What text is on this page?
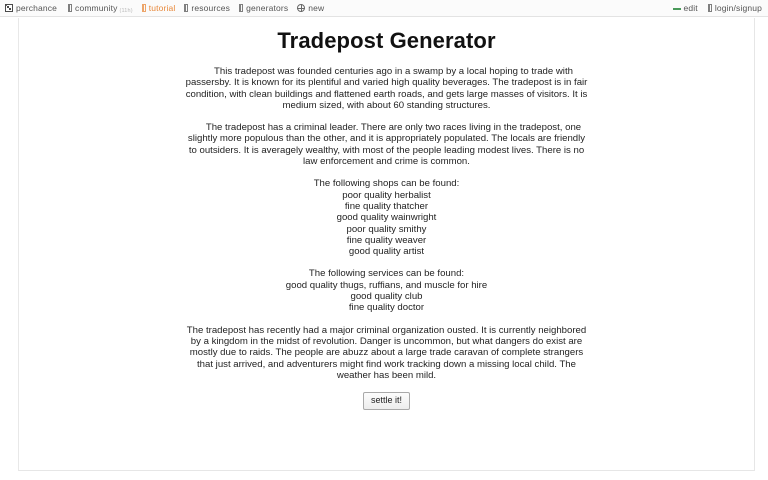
perchance community (11h) tutorial resources generators new	edit login/signup
Tradepost Generator

This tradepost was founded centuries ago in a swamp by a local hoping to trade with passersby. It is known for its plentiful and varied high quality beverages. The tradepost is in fair condition, with clean buildings and flattened earth roads, and gets large masses of visitors. It is medium sized, with about 60 standing structures.

The tradepost has a criminal leader. There are only two races living in the tradepost, one slightly more populous than the other, and it is appropriately populated. The locals are friendly to outsiders. It is averagely wealthy, with most of the people leading modest lives. There is no law enforcement and crime is common.

The following shops can be found:
poor quality herbalist
fine quality thatcher
good quality wainwright
poor quality smithy
fine quality weaver
good quality artist
The following services can be found:
good quality thugs, ruffians, and muscle for hire
good quality club
fine quality doctor

The tradepost has recently had a major criminal organization ousted. It is currently neighbored by a kingdom in the midst of revolution. Danger is uncommon, but what dangers do exist are mostly due to raids. The people are abuzz about a large trade caravan of complete strangers that just arrived, and adventurers might find work tracking down a missing local child. The weather has been mild.

settle it!
